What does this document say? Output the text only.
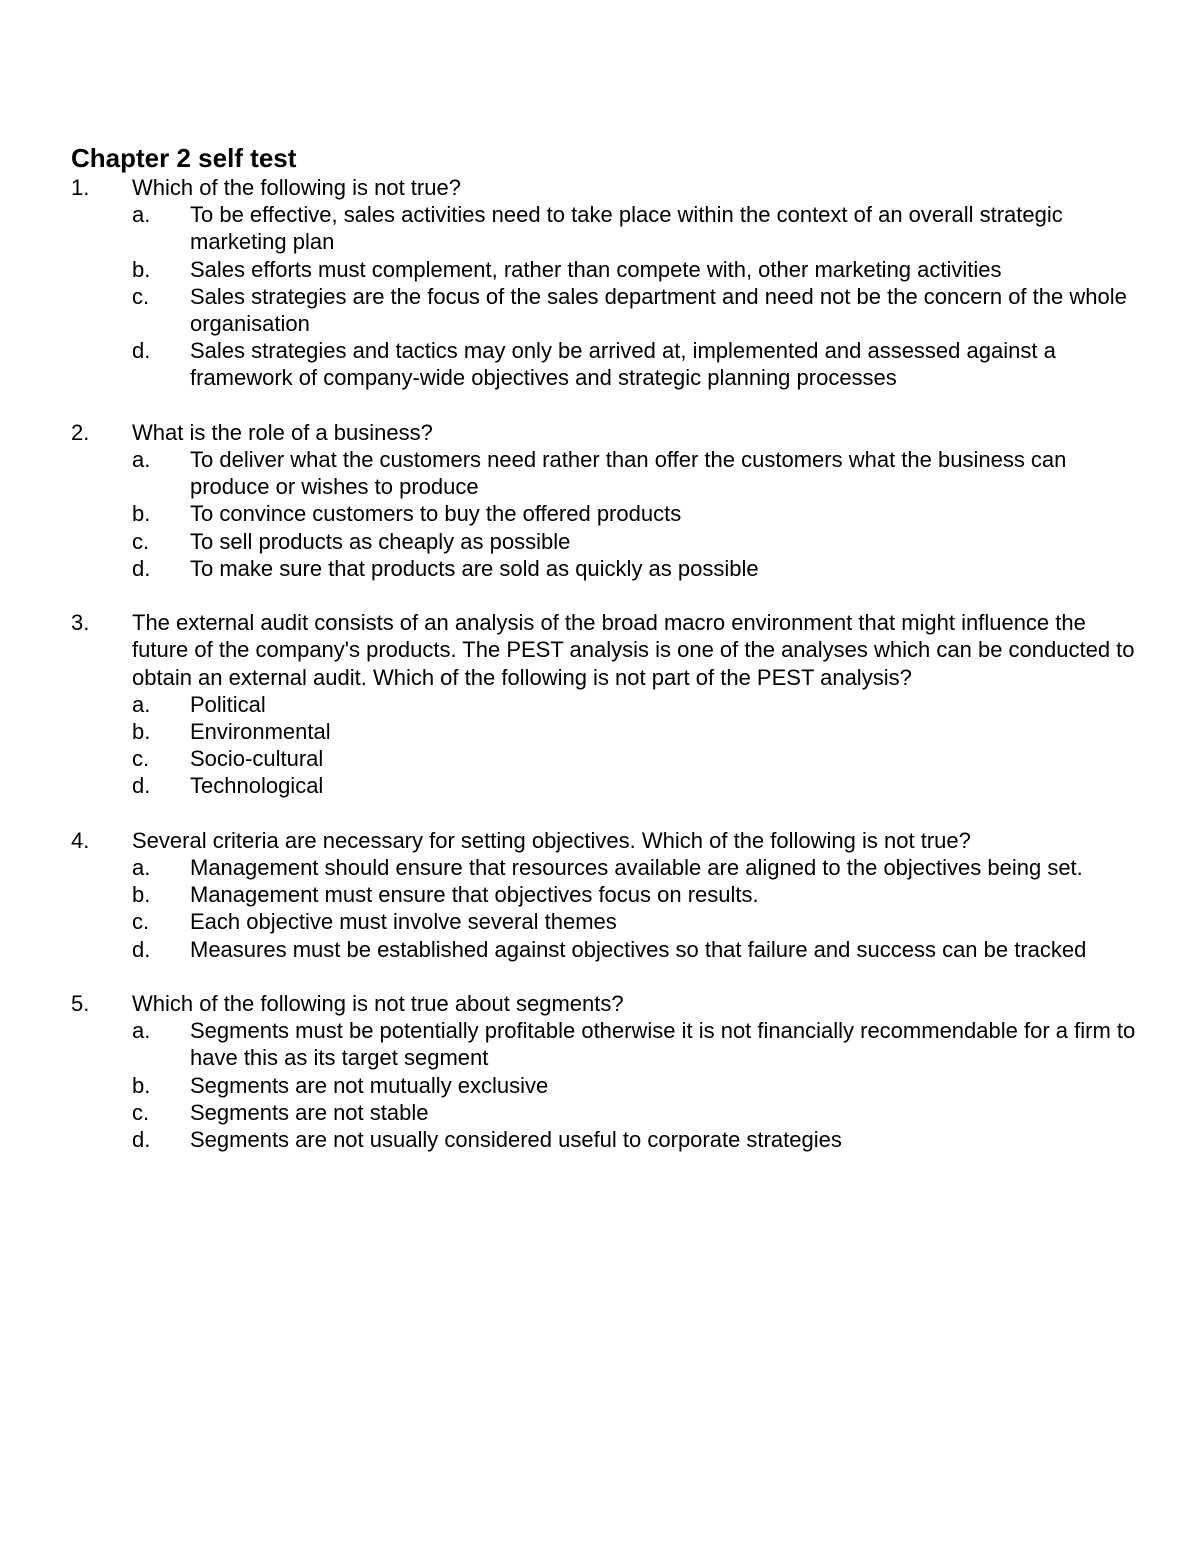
Chapter 2 self test
1. Which of the following is not true?
a. To be effective, sales activities need to take place within the context of an overall strategic marketing plan
b. Sales efforts must complement, rather than compete with, other marketing activities
c. Sales strategies are the focus of the sales department and need not be the concern of the whole organisation
d. Sales strategies and tactics may only be arrived at, implemented and assessed against a framework of company-wide objectives and strategic planning processes
2. What is the role of a business?
a. To deliver what the customers need rather than offer the customers what the business can produce or wishes to produce
b. To convince customers to buy the offered products
c. To sell products as cheaply as possible
d. To make sure that products are sold as quickly as possible
3. The external audit consists of an analysis of the broad macro environment that might influence the future of the company's products. The PEST analysis is one of the analyses which can be conducted to obtain an external audit. Which of the following is not part of the PEST analysis?
a. Political
b. Environmental
c. Socio-cultural
d. Technological
4. Several criteria are necessary for setting objectives. Which of the following is not true?
a. Management should ensure that resources available are aligned to the objectives being set.
b. Management must ensure that objectives focus on results.
c. Each objective must involve several themes
d. Measures must be established against objectives so that failure and success can be tracked
5. Which of the following is not true about segments?
a. Segments must be potentially profitable otherwise it is not financially recommendable for a firm to have this as its target segment
b. Segments are not mutually exclusive
c. Segments are not stable
d. Segments are not usually considered useful to corporate strategies
